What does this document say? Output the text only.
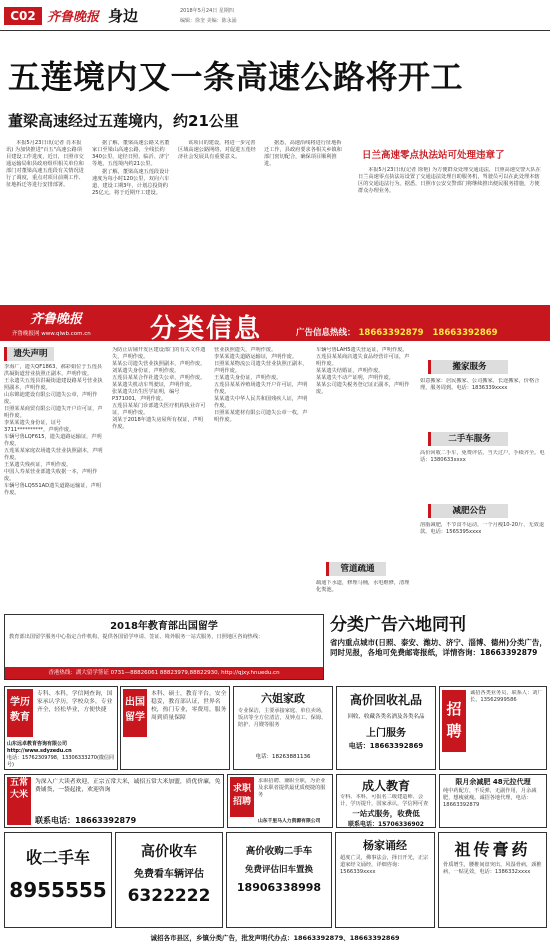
C02 齐鲁晚报 身边	2018年5月24日 星期四
编辑：徐奎 美编：陈永涌
五莲境内又一条高速公路将开工
董梁高速经过五莲境内，约21公里

本报5月23日讯(记者 肖本报讯) 为加快推进"百五"高速公路项目建设工作进度，近日，日照市交通运输局和县政府组织相关单位和部门对董梁高速五莲段有关情况进行了调度，重点对项目前期工作、征地拆迁等进行安排部署。

据了解，董梁高速公路又名董家口至梁山高速公路，全线长约340公里，途径日照、临沂、济宁等地，五莲境内约21公里。

据了解，董梁高速五莲段设计速度为每小时120公里，双向六车道，建设工期3年，计划总投资约25亿元，将于近期开工建设。

该项目的建设，将进一步完善区域高速公路网络，对促进五莲经济社会发展具有重要意义。

据悉，高速沿线将进行征地拆迁工作，县政府要求各相关乡镇和部门密切配合，确保项目顺利推进。

日兰高速零点执法站可处理违章了

本报5月23日讯(记者 徐艳) 为方便群众处理交通违法，日照高速交警大队在日兰高速零点执法站设置了交通违法处理自助服务机，驾驶员可以在此处理本辖区的交通违法行为。据悉，日照市公安交警部门将继续推出便民服务措施，方便群众办理业务。

齐鲁晚报
齐鲁晚报网 www.qlwb.com.cn 分类信息	广告信息热线： 18663392879 18663392869
遗失声明

李海广，遗失QF1863，郝彩娟位于五莲县洪凝街道营业执照正副本，声明作废。

王永遗失五莲县洪凝街道建设路某号营业执照副本，声明作废。

山东锦迪建设有限公司遗失公章，声明作废。

日照某某商贸有限公司遗失开户许可证，声明作废。

李某某遗失身份证，证号3711**********，声明作废。

车辆号鲁LQF615，遗失道路运输证，声明作废。

五莲某某家庭农场遗失营业执照副本，声明作废。

王某遗失残疾证，声明作废。

中国人寿某营业部遗失收据一本，声明作废。

车辆号鲁LQ551AD遗失道路运输证，声明作废。

为防止店铺开发区建设部门的有关文件遗失，声明作废。

某某公司遗失营业执照副本，声明作废。

刘某遗失身份证，声明作废。

五莲县某某合作社遗失公章，声明作废。

某某遗失机动车驾驶证，声明作废。

张某遗失出生医学证明，编号P371001，声明作废。

五莲县某某门诊部遗失医疗机构执业许可证，声明作废。

刘某于2018年遗失房屋所有权证，声明作废。

营业执照遗失，声明作废。

李某某遗失道路运输证，声明作废。

日照某某物流公司遗失营业执照正副本，声明作废。

王某遗失身份证，声明作废。

五莲县某某养殖场遗失开户许可证，声明作废。

某某遗失中华人民共和国残疾人证，声明作废。

日照某某建材有限公司遗失公章一枚，声明作废。

车辆号鲁LAH5遗失营运证，声明作废。

五莲县某某商店遗失食品经营许可证，声明作废。

某某遗失结婚证，声明作废。

某某遗失不动产证明，声明作废。

某某公司遗失税务登记证正副本，声明作废。

管道疏通
疏通下水道，修理马桶，水电维修，清理化粪池。
搬家服务
如意搬家：居民搬家、公司搬家、长途搬家，价格合理，服务周到。电话：1836339xxxx
二手车服务
高价回收二手车，免费评估，当天过户，手续齐全。电话：1380633xxxx
减肥公告
溶脂减肥，不节食不运动，一个月瘦10-20斤，无效退款。电话：1565395xxxx
2018年教育部出国留学
教育部出国留学服务中心指定合作机构，提供各国留学申请、签证、境外服务一站式服务，日照地区咨询热线：
香港热线：湖大留学签证 0731—88826061 88823979,88822930, http://qjxy.hnuedu.cn
分类广告六地同刊
省内重点城市(日照、泰安、潍坊、济宁、淄博、德州)分类广告，同时见报，各地可免费邮寄报纸，详情咨询：18663392879
学历教育
专科、本科，学信网查询，国家承认学历，学校众多，专业齐全，轻松毕业，方便快捷
山东远卓教育咨询有限公司http://www.sdyzedu.cn
电话：15762309798，13306333270(微信同号)
出国留学
本科、硕士，教育平台，安全稳妥，教育部认证，世界名校，热门专业，零费用，服务周到质量保障
六姐家政
专业保洁，主要承接家庭、单位卖场，饭店等全方位清洁，及钟点工、保姆、陪护、月嫂等服务
电话：18263881136
高价回收礼品
回收、收藏各类名酒及各类名品
上门服务
电话：18663392869
招聘
诚招各类业务员，联系人：刘厂长，13562999586
五常大米
为深入广大读者欢迎，正宗五常大米，诚招五常大米加盟，质优价廉，免费铺货，一袋起批，欢迎咨询
联系电话：18663392879
求职招聘
求职招聘、兼职全职，为企业及求职者提供最优质便捷的服务
山东千里马人力资源有限公司
成人教育
专科、本科，可报名二级建造师、会计，学历提升，国家承认，学信网可查
一站式服务，收费低
联系电话：15706336902
限月余减肥 48元拉代理
纯中药配方，不反弹，无副作用，月余减肥，想瘦就瘦。诚招各地代理，电话：18663392879
收二手车
8955555
高价收车
免费看车辆评估
6322222
高价收购二手车
免费评估旧车置换
18906338998
杨家诵经
超度亡灵，佛事法会，择日开光，正宗道家经文诵经，详细咨询：1566339xxxx
祖传膏药
骨质增生，腰椎间盘突出，风湿骨病，颈椎病，一贴见效，电话：1386332xxxx
诚招各市县区，乡镇分类广告，批发声明代办点：18663392879、18663392869
